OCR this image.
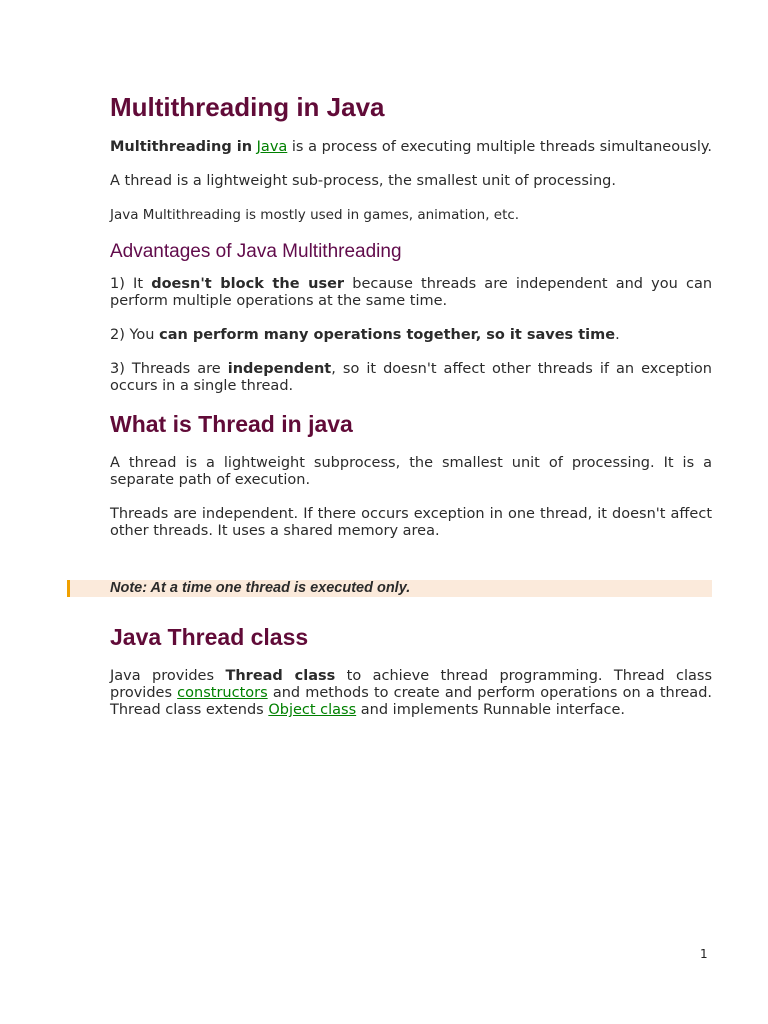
Multithreading in Java

Multithreading in Java is a process of executing multiple threads simultaneously.

A thread is a lightweight sub-process, the smallest unit of processing.

Java Multithreading is mostly used in games, animation, etc.

Advantages of Java Multithreading

1) It doesn't block the user because threads are independent and you can perform multiple operations at the same time.

2) You can perform many operations together, so it saves time.

3) Threads are independent, so it doesn't affect other threads if an exception occurs in a single thread.

What is Thread in java

A thread is a lightweight subprocess, the smallest unit of processing. It is a separate path of execution.

Threads are independent. If there occurs exception in one thread, it doesn't affect other threads. It uses a shared memory area.

Note: At a time one thread is executed only.
Java Thread class

Java provides Thread class to achieve thread programming. Thread class provides constructors and methods to create and perform operations on a thread. Thread class extends Object class and implements Runnable interface.

1
